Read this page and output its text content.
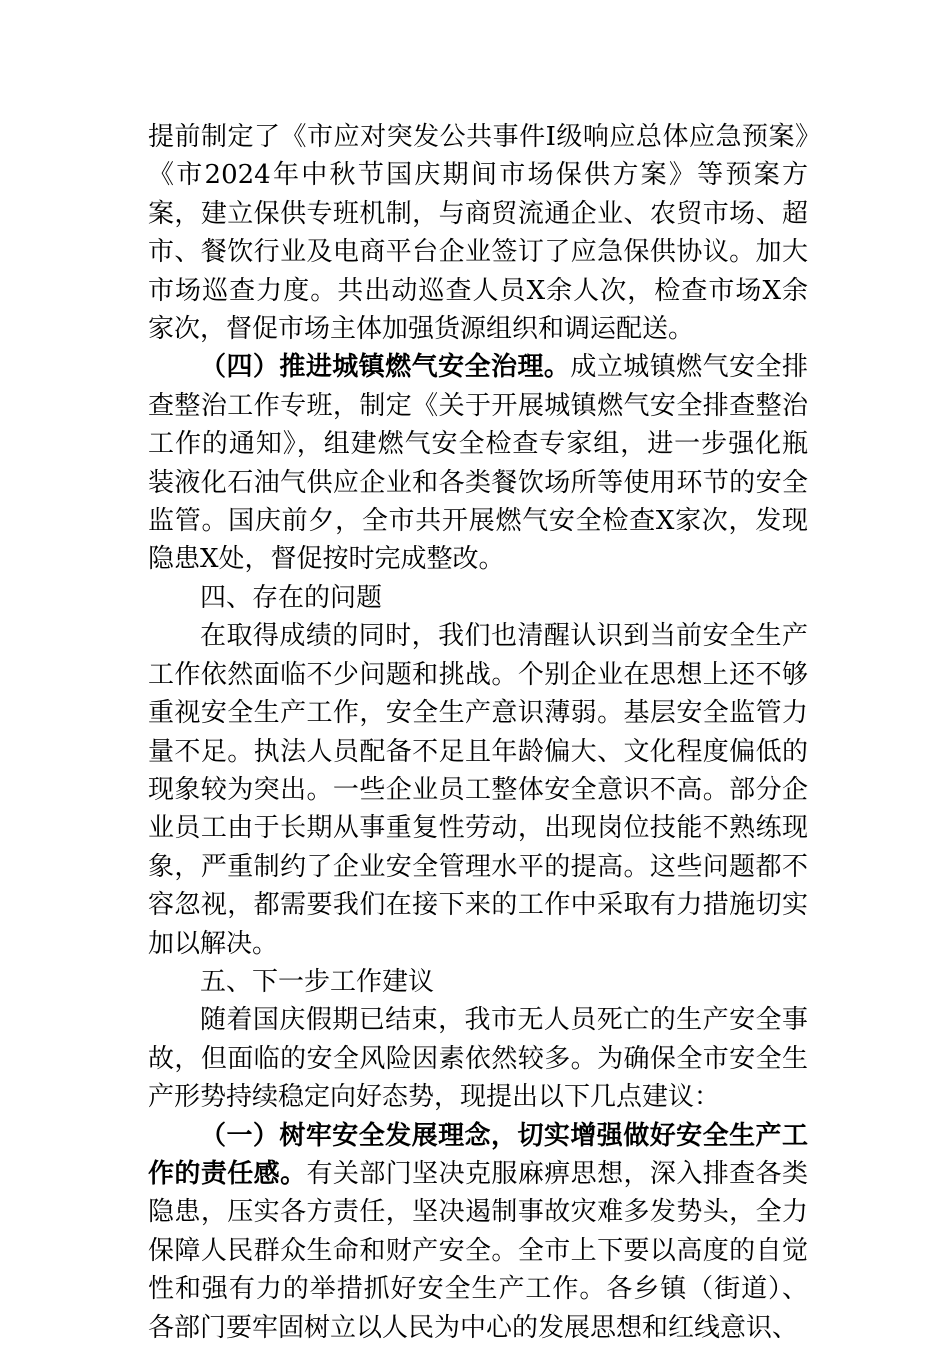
提前制定了《市应对突发公共事件Ⅰ级响应总体应急预案》《市2024年中秋节国庆期间市场保供方案》等预案方案，建立保供专班机制，与商贸流通企业、农贸市场、超市、餐饮行业及电商平台企业签订了应急保供协议。加大市场巡查力度。共出动巡查人员X余人次，检查市场X余家次，督促市场主体加强货源组织和调运配送。

（四）推进城镇燃气安全治理。成立城镇燃气安全排查整治工作专班，制定《关于开展城镇燃气安全排查整治工作的通知》，组建燃气安全检查专家组，进一步强化瓶装液化石油气供应企业和各类餐饮场所等使用环节的安全监管。国庆前夕，全市共开展燃气安全检查X家次，发现隐患X处，督促按时完成整改。

四、存在的问题

在取得成绩的同时，我们也清醒认识到当前安全生产工作依然面临不少问题和挑战。个别企业在思想上还不够重视安全生产工作，安全生产意识薄弱。基层安全监管力量不足。执法人员配备不足且年龄偏大、文化程度偏低的现象较为突出。一些企业员工整体安全意识不高。部分企业员工由于长期从事重复性劳动，出现岗位技能不熟练现象，严重制约了企业安全管理水平的提高。这些问题都不容忽视，都需要我们在接下来的工作中采取有力措施切实加以解决。

五、下一步工作建议

随着国庆假期已结束，我市无人员死亡的生产安全事故，但面临的安全风险因素依然较多。为确保全市安全生产形势持续稳定向好态势，现提出以下几点建议：

（一）树牢安全发展理念，切实增强做好安全生产工作的责任感。有关部门坚决克服麻痹思想，深入排查各类隐患，压实各方责任，坚决遏制事故灾难多发势头，全力保障人民群众生命和财产安全。全市上下要以高度的自觉性和强有力的举措抓好安全生产工作。各乡镇（街道）、各部门要牢固树立以人民为中心的发展思想和红线意识、
